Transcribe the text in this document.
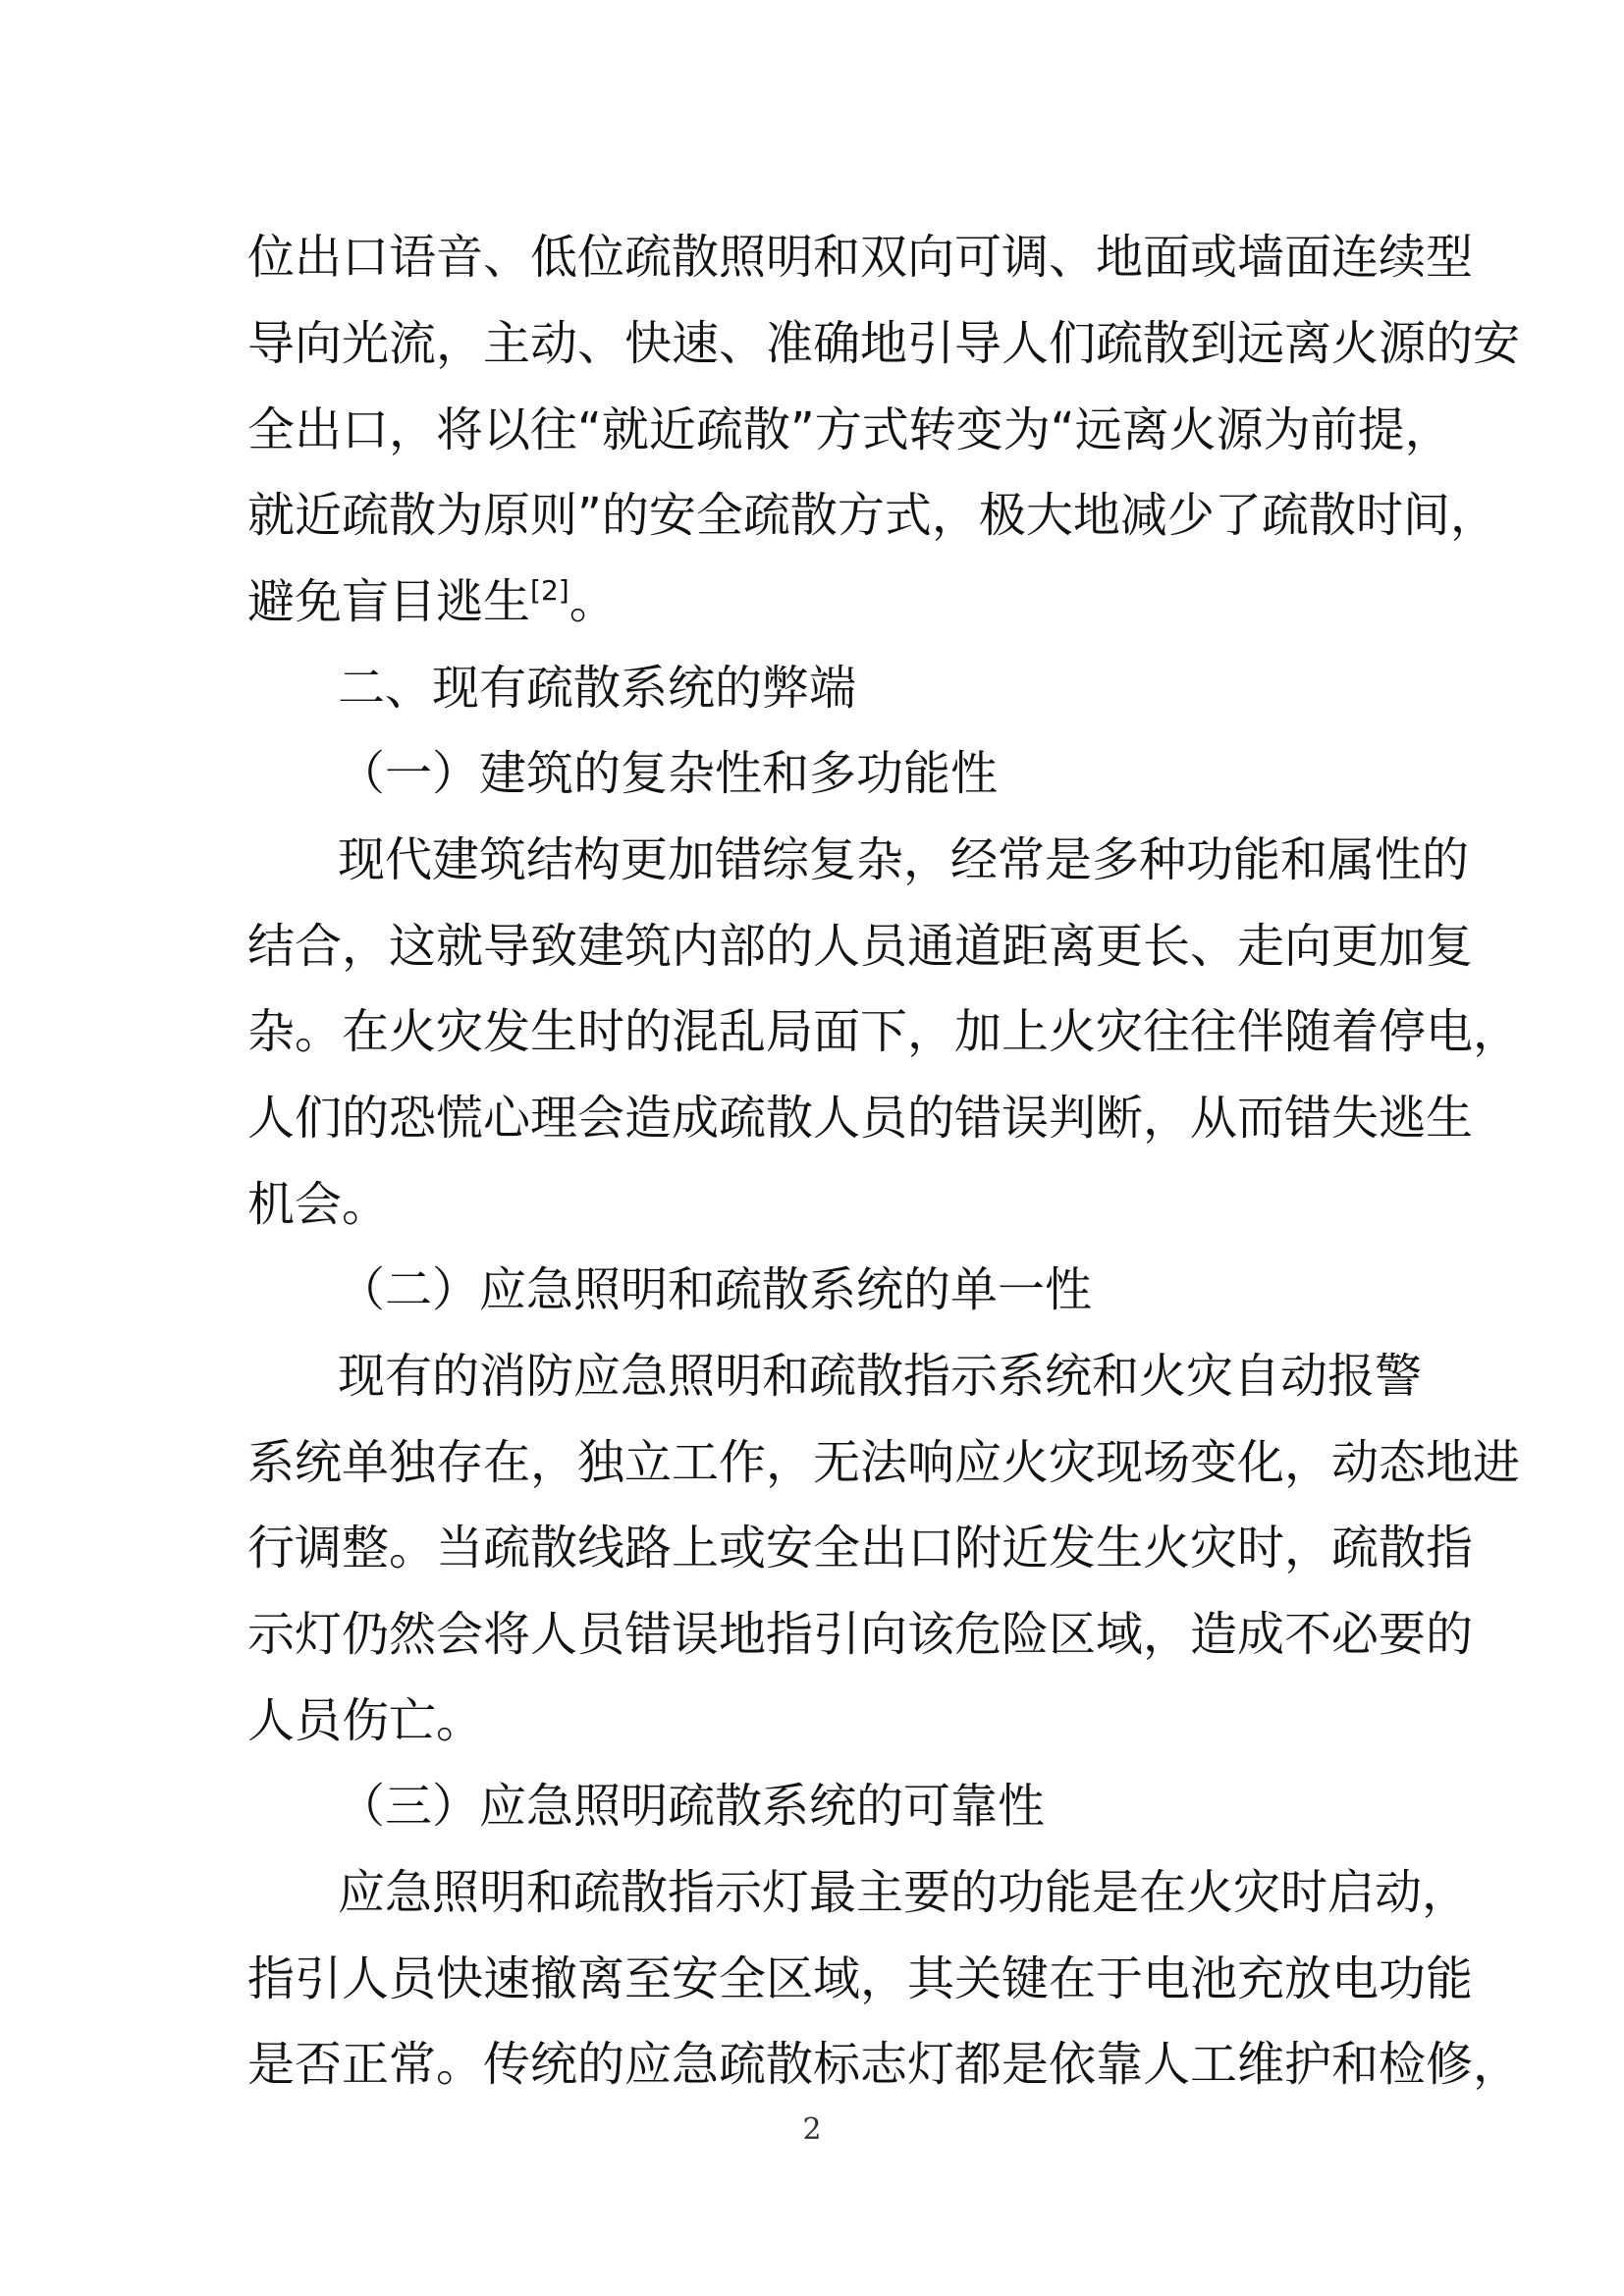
位出口语音、低位疏散照明和双向可调、地面或墙面连续型
导向光流，主动、快速、准确地引导人们疏散到远离火源的安
全出口，将以往“就近疏散”方式转变为“远离火源为前提，
就近疏散为原则”的安全疏散方式，极大地减少了疏散时间，
避免盲目逃生[2]。
二、现有疏散系统的弊端
（一）建筑的复杂性和多功能性
现代建筑结构更加错综复杂，经常是多种功能和属性的
结合，这就导致建筑内部的人员通道距离更长、走向更加复
杂。在火灾发生时的混乱局面下，加上火灾往往伴随着停电，
人们的恐慌心理会造成疏散人员的错误判断，从而错失逃生
机会。
（二）应急照明和疏散系统的单一性
现有的消防应急照明和疏散指示系统和火灾自动报警
系统单独存在，独立工作，无法响应火灾现场变化，动态地进
行调整。当疏散线路上或安全出口附近发生火灾时，疏散指
示灯仍然会将人员错误地指引向该危险区域，造成不必要的
人员伤亡。
（三）应急照明疏散系统的可靠性
应急照明和疏散指示灯最主要的功能是在火灾时启动，
指引人员快速撤离至安全区域，其关键在于电池充放电功能
是否正常。传统的应急疏散标志灯都是依靠人工维护和检修，
2
